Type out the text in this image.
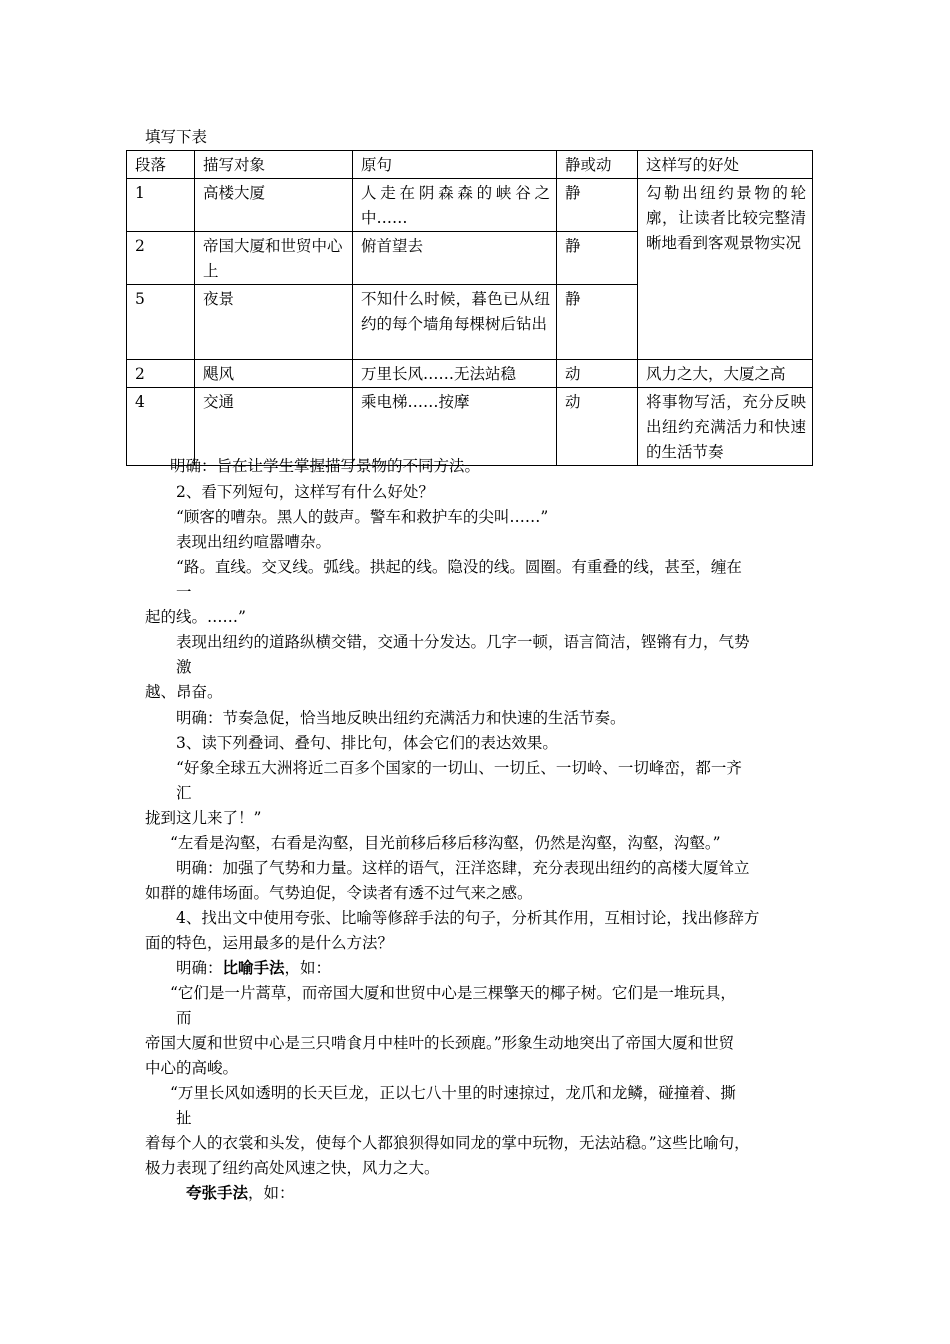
填写下表
段落	描写对象	原句	静或动	这样写的好处
1	高楼大厦	人走在阴森森的峡谷之中……	静	勾勒出纽约景物的轮廓，让读者比较完整清晰地看到客观景物实况
2	帝国大厦和世贸中心上	俯首望去	静	
5	夜景	不知什么时候，暮色已从纽约的每个墙角每棵树后钻出	静	
2	飓风	万里长风……无法站稳	动	风力之大，大厦之高
4	交通	乘电梯……按摩	动	将事物写活，充分反映出纽约充满活力和快速的生活节奏
明确：旨在让学生掌握描写景物的不同方法。
2、看下列短句，这样写有什么好处？
“顾客的嘈杂。黑人的鼓声。警车和救护车的尖叫……”
表现出纽约喧嚣嘈杂。
“路。直线。交叉线。弧线。拱起的线。隐没的线。圆圈。有重叠的线，甚至，缠在
一
起的线。……”
表现出纽约的道路纵横交错，交通十分发达。几字一顿，语言简洁，铿锵有力，气势
激
越、昂奋。
明确：节奏急促，恰当地反映出纽约充满活力和快速的生活节奏。
3、读下列叠词、叠句、排比句，体会它们的表达效果。
“好象全球五大洲将近二百多个国家的一切山、一切丘、一切岭、一切峰峦，都一齐
汇
拢到这儿来了！”
“左看是沟壑，右看是沟壑，目光前移后移后移沟壑，仍然是沟壑，沟壑，沟壑。”
明确：加强了气势和力量。这样的语气，汪洋恣肆，充分表现出纽约的高楼大厦耸立
如群的雄伟场面。气势迫促，令读者有透不过气来之感。
4、找出文中使用夸张、比喻等修辞手法的句子，分析其作用，互相讨论，找出修辞方
面的特色，运用最多的是什么方法？
明确：比喻手法，如：
“它们是一片蒿草，而帝国大厦和世贸中心是三棵擎天的椰子树。它们是一堆玩具，
而
帝国大厦和世贸中心是三只啃食月中桂叶的长颈鹿。”形象生动地突出了帝国大厦和世贸
中心的高峻。
“万里长风如透明的长天巨龙，正以七八十里的时速掠过，龙爪和龙鳞，碰撞着、撕
扯
着每个人的衣裳和头发，使每个人都狼狈得如同龙的掌中玩物，无法站稳。”这些比喻句，
极力表现了纽约高处风速之快，风力之大。
夸张手法，如：
